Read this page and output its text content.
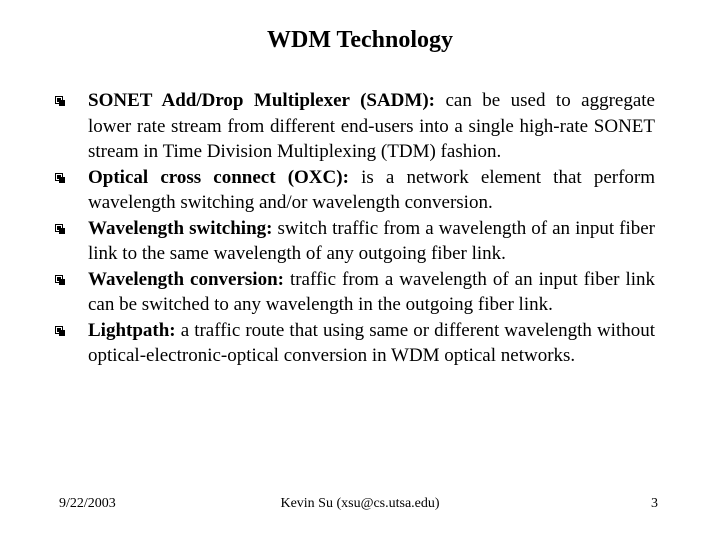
WDM Technology
SONET Add/Drop Multiplexer (SADM): can be used to aggregate lower rate stream from different end-users into a single high-rate SONET stream in Time Division Multiplexing (TDM) fashion.
Optical cross connect (OXC): is a network element that perform wavelength switching and/or wavelength conversion.
Wavelength switching: switch traffic from a wavelength of an input fiber link to the same wavelength of any outgoing fiber link.
Wavelength conversion: traffic from a wavelength of an input fiber link can be switched to any wavelength in the outgoing fiber link.
Lightpath: a traffic route that using same or different wavelength without optical-electronic-optical conversion in WDM optical networks.
Kevin Su (xsu@cs.utsa.edu)
9/22/2003	3
